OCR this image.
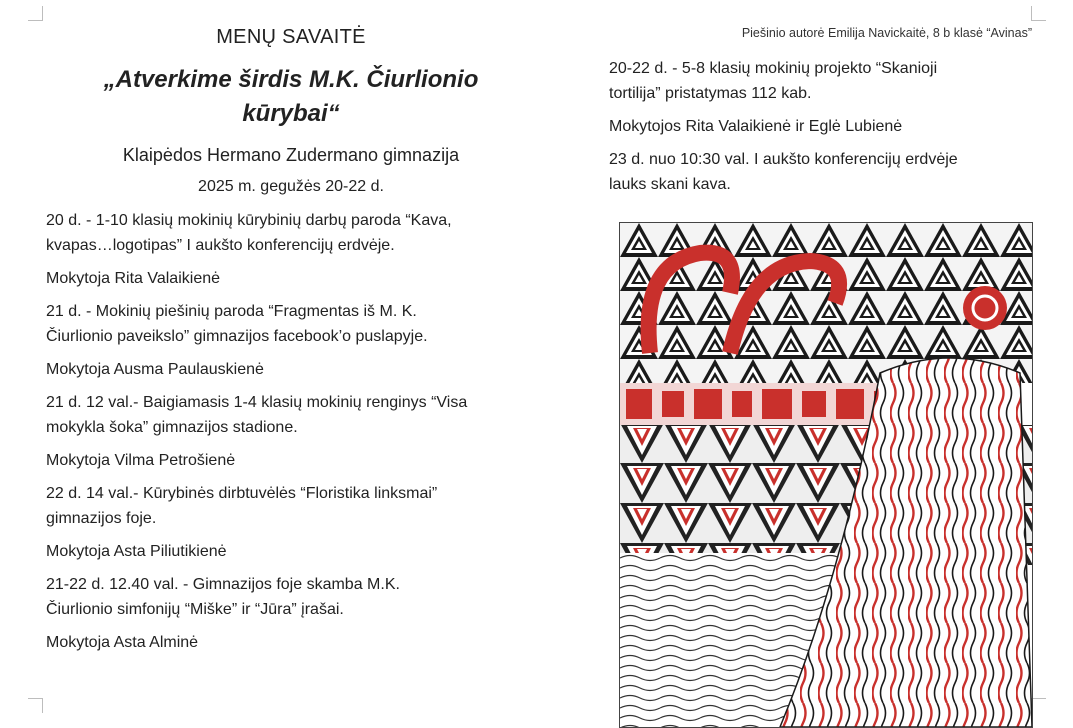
MENŲ SAVAITĖ
„Atverkime širdis M.K. Čiurlionio
kūrybai“
Klaipėdos Hermano Zudermano gimnazija
2025 m. gegužės 20-22 d.
20 d. - 1-10 klasių mokinių kūrybinių darbų paroda “Kava,
kvapas…logotipas” I aukšto konferencijų erdvėje.
Mokytoja Rita Valaikienė
21 d. - Mokinių piešinių paroda “Fragmentas iš M. K.
Čiurlionio paveikslo” gimnazijos facebook’o puslapyje.
Mokytoja Ausma Paulauskienė
21 d. 12 val.- Baigiamasis 1-4 klasių mokinių renginys “Visa
mokykla šoka” gimnazijos stadione.
Mokytoja Vilma Petrošienė
22 d. 14 val.- Kūrybinės dirbtuvėlės “Floristika linksmai”
gimnazijos foje.
Mokytoja Asta Piliutikienė
21-22 d. 12.40 val. - Gimnazijos foje skamba M.K.
Čiurlionio simfonijų “Miške” ir “Jūra” įrašai.
Mokytoja Asta Alminė
Piešinio autorė Emilija Navickaitė, 8 b klasė “Avinas”
20-22 d. - 5-8 klasių mokinių projekto “Skanioji
tortilija” pristatymas 112 kab.
Mokytojos Rita Valaikienė ir Eglė Lubienė
23 d. nuo 10:30 val. I aukšto konferencijų erdvėje
lauks skani kava.
